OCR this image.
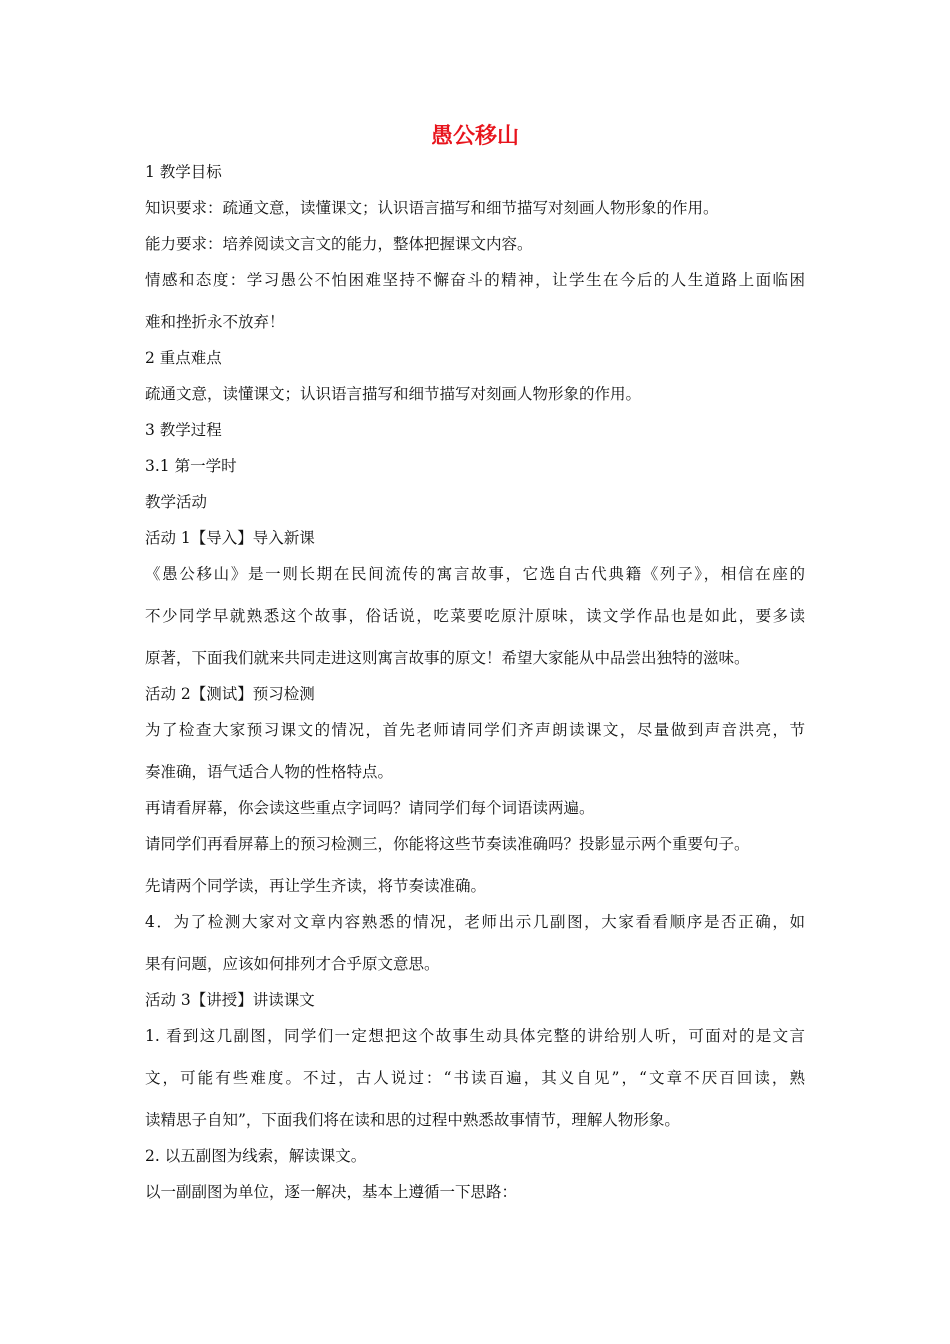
愚公移山
1 教学目标
知识要求：疏通文意，读懂课文；认识语言描写和细节描写对刻画人物形象的作用。
能力要求：培养阅读文言文的能力，整体把握课文内容。
情感和态度：学习愚公不怕困难坚持不懈奋斗的精神，让学生在今后的人生道路上面临困
难和挫折永不放弃！
2 重点难点
疏通文意，读懂课文；认识语言描写和细节描写对刻画人物形象的作用。
3 教学过程
3.1 第一学时
教学活动
活动 1【导入】导入新课
《愚公移山》是一则长期在民间流传的寓言故事，它选自古代典籍《列子》，相信在座的
不少同学早就熟悉这个故事，俗话说，吃菜要吃原汁原味，读文学作品也是如此，要多读
原著，下面我们就来共同走进这则寓言故事的原文！希望大家能从中品尝出独特的滋味。
活动 2【测试】预习检测
为了检查大家预习课文的情况，首先老师请同学们齐声朗读课文，尽量做到声音洪亮，节
奏准确，语气适合人物的性格特点。
再请看屏幕，你会读这些重点字词吗？请同学们每个词语读两遍。
请同学们再看屏幕上的预习检测三，你能将这些节奏读准确吗？投影显示两个重要句子。
先请两个同学读，再让学生齐读，将节奏读准确。
4．为了检测大家对文章内容熟悉的情况，老师出示几副图，大家看看顺序是否正确，如
果有问题，应该如何排列才合乎原文意思。
活动 3【讲授】讲读课文
1. 看到这几副图，同学们一定想把这个故事生动具体完整的讲给别人听，可面对的是文言
文，可能有些难度。不过，古人说过：“书读百遍，其义自见”，“文章不厌百回读，熟
读精思子自知”，下面我们将在读和思的过程中熟悉故事情节，理解人物形象。
2. 以五副图为线索，解读课文。
以一副副图为单位，逐一解决，基本上遵循一下思路：
